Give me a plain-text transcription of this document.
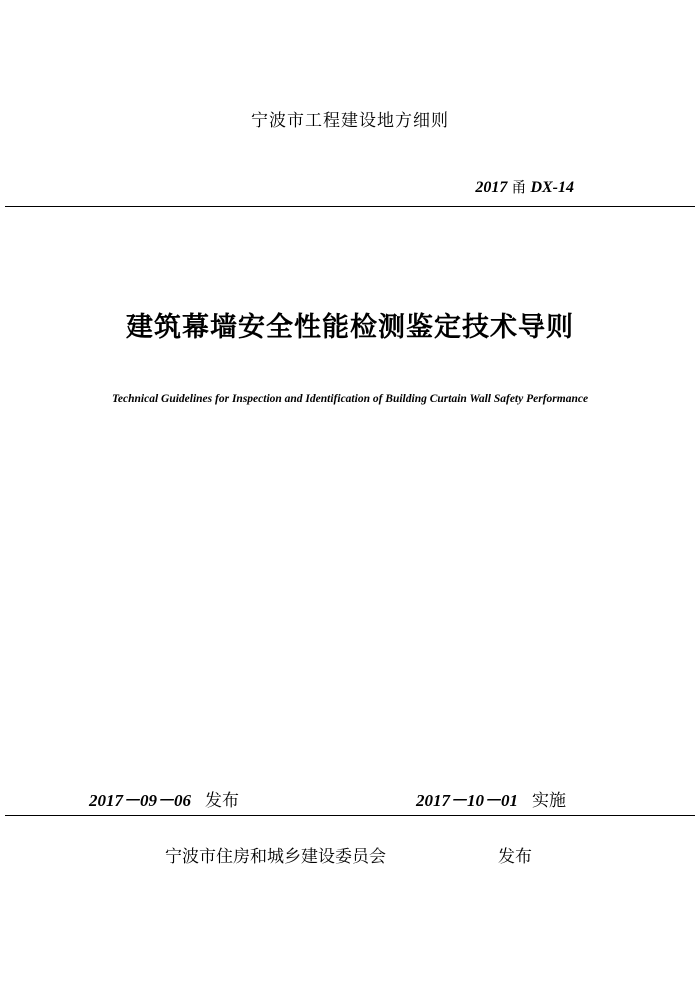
宁波市工程建设地方细则
2017 甬 DX-14
建筑幕墙安全性能检测鉴定技术导则
Technical Guidelines for Inspection and Identification of Building Curtain Wall Safety Performance
2017－09－06 发布	2017－10－01 实施
宁波市住房和城乡建设委员会	发布
